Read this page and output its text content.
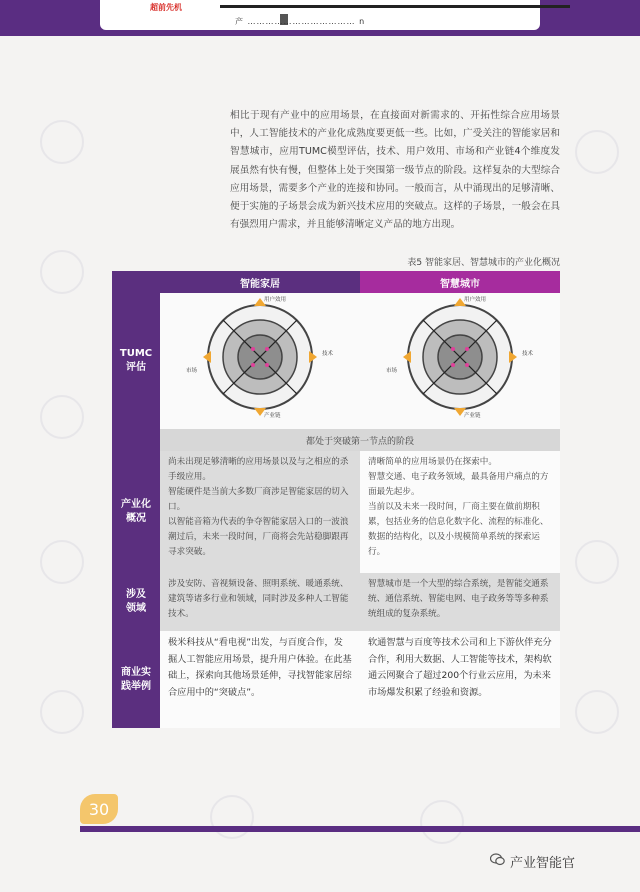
超前先机
产 ……………………………… n
相比于现有产业中的应用场景，在直接面对新需求的、开拓性综合应用场景中，人工智能技术的产业化成熟度要更低一些。比如，广受关注的智能家居和智慧城市，应用TUMC模型评估，技术、用户效用、市场和产业链4个维度发展虽然有快有慢，但整体上处于突围第一级节点的阶段。这样复杂的大型综合应用场景，需要多个产业的连接和协同。一般而言，从中涌现出的足够清晰、便于实施的子场景会成为新兴技术应用的突破点。这样的子场景，一般会在具有强烈用户需求，并且能够清晰定义产品的地方出现。
表5 智能家居、智慧城市的产业化概况
智能家居	智慧城市
TUMC
评估
用户效用
技术
产业链
市场
用户效用
技术
产业链
市场
都处于突破第一节点的阶段
产业化
概况
尚未出现足够清晰的应用场景以及与之相应的杀手级应用。
智能硬件是当前大多数厂商涉足智能家居的切入口。
以智能音箱为代表的争夺智能家居入口的一波浪潮过后，未来一段时间，厂商将会先站稳脚跟再寻求突破。
清晰简单的应用场景仍在探索中。
智慧交通、电子政务领域，最具备用户痛点的方面最先起步。
当前以及未来一段时间，厂商主要在做前期积累，包括业务的信息化数字化、流程的标准化、数据的结构化，以及小规模简单系统的探索运行。
涉及
领域
涉及安防、音视频设备、照明系统、暖通系统、建筑等诸多行业和领域，同时涉及多种人工智能技术。
智慧城市是一个大型的综合系统，是智能交通系统、通信系统、智能电网、电子政务等等多种系统组成的复杂系统。
商业实
践举例
极米科技从“看电视”出发，与百度合作，发掘人工智能应用场景，提升用户体验。在此基础上，探索向其他场景延伸，寻找智能家居综合应用中的“突破点”。
软通智慧与百度等技术公司和上下游伙伴充分合作，利用大数据、人工智能等技术，架构软通云网聚合了超过200个行业云应用，为未来市场爆发积累了经验和资源。
30
产业智能官
